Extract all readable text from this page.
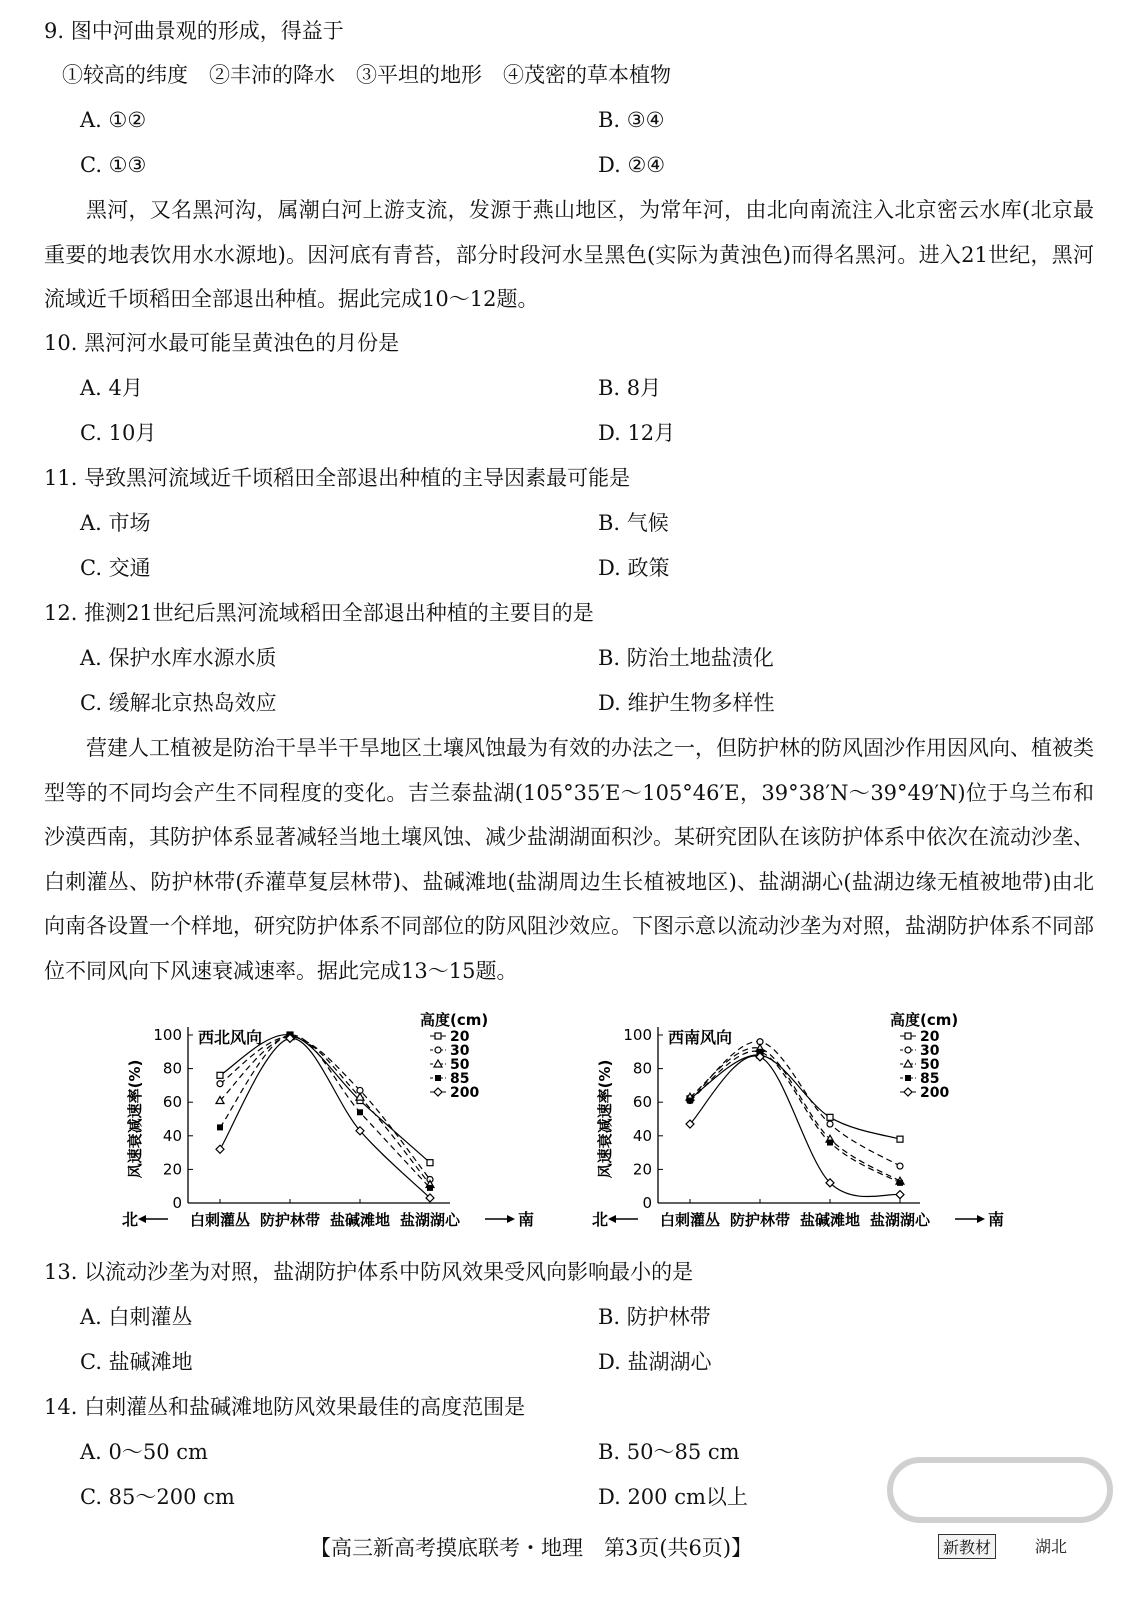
9. 图中河曲景观的形成，得益于
①较高的纬度　②丰沛的降水　③平坦的地形　④茂密的草本植物
A. ①②	B. ③④
C. ①③	D. ②④
黑河，又名黑河沟，属潮白河上游支流，发源于燕山地区，为常年河，由北向南流注入北京密云水库(北京最重要的地表饮用水水源地)。因河底有青苔，部分时段河水呈黑色(实际为黄浊色)而得名黑河。进入21世纪，黑河流域近千顷稻田全部退出种植。据此完成10～12题。
10. 黑河河水最可能呈黄浊色的月份是
A. 4月	B. 8月
C. 10月	D. 12月
11. 导致黑河流域近千顷稻田全部退出种植的主导因素最可能是
A. 市场	B. 气候
C. 交通	D. 政策
12. 推测21世纪后黑河流域稻田全部退出种植的主要目的是
A. 保护水库水源水质	B. 防治土地盐渍化
C. 缓解北京热岛效应	D. 维护生物多样性
营建人工植被是防治干旱半干旱地区土壤风蚀最为有效的办法之一，但防护林的防风固沙作用因风向、植被类型等的不同均会产生不同程度的变化。吉兰泰盐湖(105°35′E～105°46′E，39°38′N～39°49′N)位于乌兰布和沙漠西南，其防护体系显著减轻当地土壤风蚀、减少盐湖湖面积沙。某研究团队在该防护体系中依次在流动沙垄、白刺灌丛、防护林带(乔灌草复层林带)、盐碱滩地(盐湖周边生长植被地区)、盐湖湖心(盐湖边缘无植被地带)由北向南各设置一个样地，研究防护体系不同部位的防风阻沙效应。下图示意以流动沙垄为对照，盐湖防护体系不同部位不同风向下风速衰减速率。据此完成13～15题。
0
20
40
60
80
100
风速衰减速率(%)
西北风向
白刺灌丛 防护林带 盐碱滩地 盐湖湖心
北	南
高度(cm)
20
30
50
85
200
0
20
40
60
80
100
风速衰减速率(%)
西南风向
白刺灌丛 防护林带 盐碱滩地 盐湖湖心
北	南
高度(cm)
20
30
50
85
200
13. 以流动沙垄为对照，盐湖防护体系中防风效果受风向影响最小的是
A. 白刺灌丛	B. 防护林带
C. 盐碱滩地	D. 盐湖湖心
14. 白刺灌丛和盐碱滩地防风效果最佳的高度范围是
A. 0～50 cm	B. 50～85 cm
C. 85～200 cm	D. 200 cm以上
【高三新高考摸底联考・地理　第3页(共6页)】	新教材	湖北
